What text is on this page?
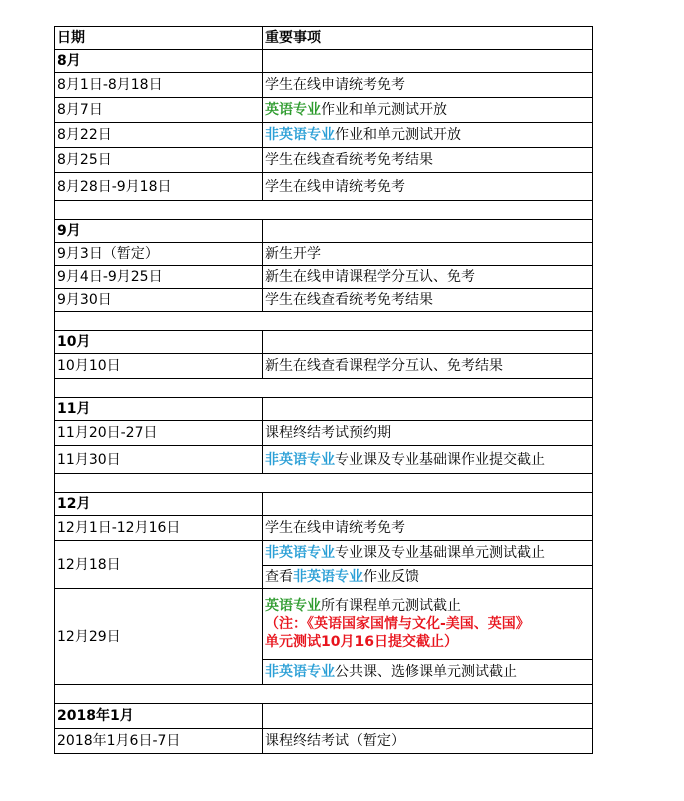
日期	重要事项
8月	
8月1日-8月18日	学生在线申请统考免考
8月7日	英语专业作业和单元测试开放
8月22日	非英语专业作业和单元测试开放
8月25日	学生在线查看统考免考结果
8月28日-9月18日	学生在线申请统考免考

9月	
9月3日（暂定）	新生开学
9月4日-9月25日	新生在线申请课程学分互认、免考
9月30日	学生在线查看统考免考结果

10月	
10月10日	新生在线查看课程学分互认、免考结果

11月	
11月20日-27日	课程终结考试预约期
11月30日	非英语专业专业课及专业基础课作业提交截止

12月	
12月1日-12月16日	学生在线申请统考免考
12月18日	非英语专业专业课及专业基础课单元测试截止
	查看非英语专业作业反馈
12月29日	英语专业所有课程单元测试截止
（注：《英语国家国情与文化-美国、英国》
单元测试10月16日提交截止）

	非英语专业公共课、选修课单元测试截止

2018年1月	
2018年1月6日-7日	课程终结考试（暂定）
